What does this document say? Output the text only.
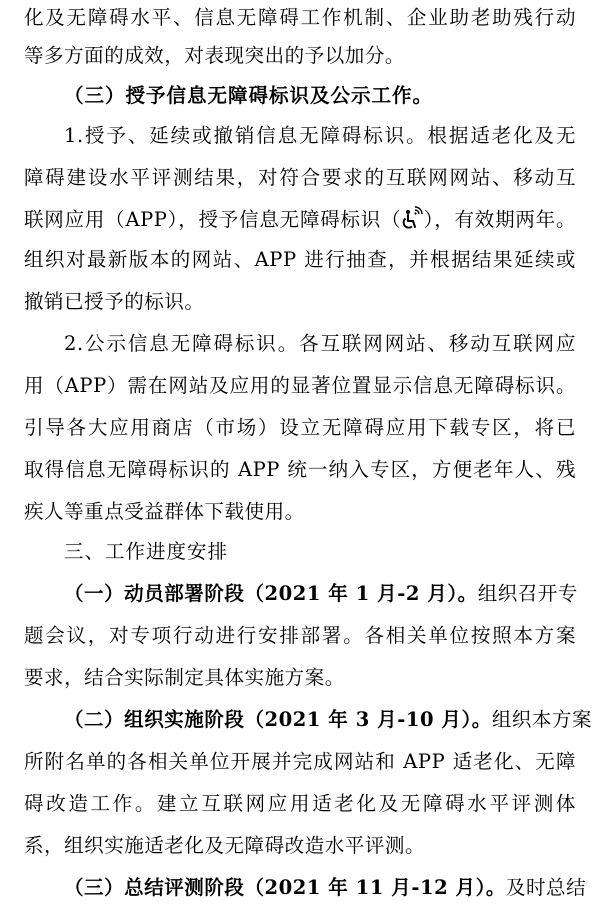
化及无障碍水平、信息无障碍工作机制、企业助老助残行动
等多方面的成效，对表现突出的予以加分。
（三）授予信息无障碍标识及公示工作。
1.授予、延续或撤销信息无障碍标识。根据适老化及无
障碍建设水平评测结果，对符合要求的互联网网站、移动互
联网应用（APP），授予信息无障碍标识（ ），有效期两年。
组织对最新版本的网站、APP 进行抽查，并根据结果延续或
撤销已授予的标识。
2.公示信息无障碍标识。各互联网网站、移动互联网应
用（APP）需在网站及应用的显著位置显示信息无障碍标识。
引导各大应用商店（市场）设立无障碍应用下载专区，将已
取得信息无障碍标识的 APP 统一纳入专区，方便老年人、残
疾人等重点受益群体下载使用。
三、工作进度安排
（一）动员部署阶段（2021 年 1 月-2 月）。组织召开专
题会议，对专项行动进行安排部署。各相关单位按照本方案
要求，结合实际制定具体实施方案。
（二）组织实施阶段（2021 年 3 月-10 月）。组织本方案
所附名单的各相关单位开展并完成网站和 APP 适老化、无障
碍改造工作。建立互联网应用适老化及无障碍水平评测体
系，组织实施适老化及无障碍改造水平评测。
（三）总结评测阶段（2021 年 11 月-12 月）。及时总结
